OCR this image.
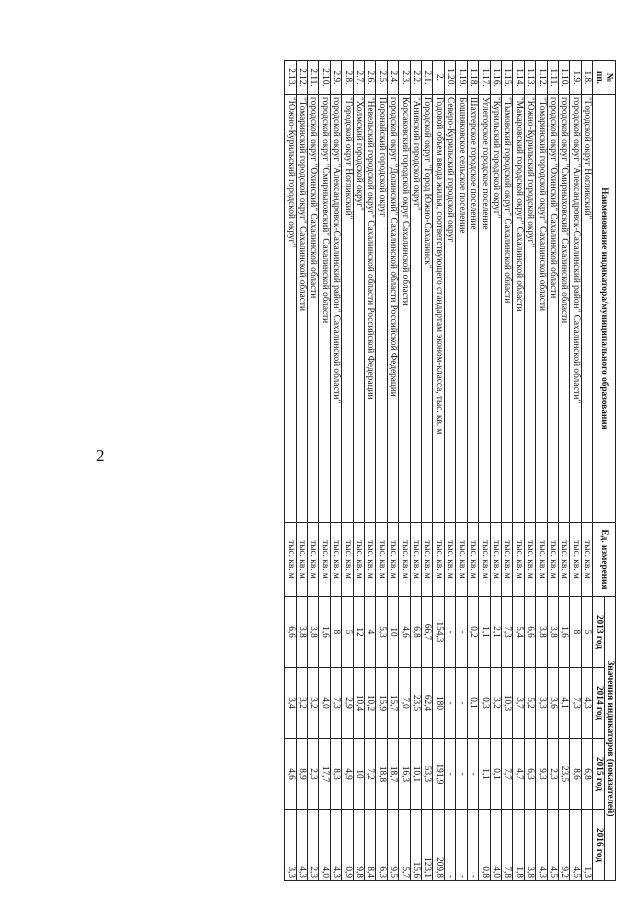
2
№
пп.	Наименование индикатора/муниципального образования	Ед. измерения	Значения индикаторов (показателей)			
			2013 год	2014 год	2015 год	2016 год
1.8.	"Городской округ Ногликский"	тыс. кв. м	5	4,3	6,8	1,3
1.9.	городской округ "Александровск-Сахалинский район" Сахалинской области"	тыс. кв. м	8	7,3	8,6	4,5
1.10.	городской округ "Смирныховский" Сахалинской области	тыс. кв. м	1,6	4,1	23,5	9,2
1.11.	городской округ "Охинский" Сахалинской области	тыс. кв. м	3,8	3,6	2,3	4,5
1.12.	"Томаринский городской округ" Сахалинской области	тыс. кв. м	3,8	3,3	9,3	4,3
1.13.	"Южно-Курильский городской округ"	тыс. кв. м	6,6	5,2	6,3	3,8
1.14.	"Макаровский городской округ" Сахалинской области	тыс. кв. м	5,4	3,7	4,7	1,8
1.15.	"Тымовский городской округ" Сахалинской области	тыс. кв. м	7,3	10,3	7,7	7,8
1.16.	"Курильский городской округ"	тыс. кв. м	2,1	3,2	0,1	4,0
1.17.	Углегорское городское поселение	тыс. кв. м	1,1	0,3	1,1	0,8
1.18.	Шахтерское городское поселение	тыс. кв. м	0,2	0,1	-	-
1.19.	Бошняковское сельское поселение	тыс. кв. м	-	-	-	-
1.20.	Северо-Курильский городской округ	тыс. кв. м	-	-	-	-
2.	Годовой объем ввода жилья, соответствующего стандартам эконом-класса, тыс. кв. м	тыс. кв. м	154,3	180	191,9	209,8
2.1.	Городской округ "Город Южно-Сахалинск"	тыс. кв. м	66,7	62,4	53,3	123,1
2.2.	"Анивский городской округ"	тыс. кв. м	6,8	23,5	10,1	15,6
2.3.	Корсаковский городской округ Сахалинской области	тыс. кв. м	4,6	7,0	16,3	5,7
2.4.	городской округ "Долинский" Сахалинской области Российской Федерации	тыс. кв. м	10	15,7	18,7	9,5
2.5.	Поронайский городской округ	тыс. кв. м	5,3	15,9	18,8	6,3
2.6.	"Невельский городской округ" Сахалинской области Российской Федерации	тыс. кв. м	4	10,2	7,2	8,4
2.7.	"Холмский городской округ"	тыс. кв. м	12	10,4	10	9,8
2.8.	"Городской округ Ногликский"	тыс. кв. м	5	2,9	4,9	0,9
2.9.	городской округ "Александровск-Сахалинский район" Сахалинской области"	тыс. кв. м	8	7,3	8,3	4,3
2.10.	городской округ "Смирныховский" Сахалинской области	тыс. кв. м	1,6	4,0	17,7	4,0
2.11.	городской округ "Охинский" Сахалинской области	тыс. кв. м	3,8	3,2	2,3	2,3
2.12.	"Томаринский городской округ" Сахалинской области	тыс. кв. м	3,8	3,2	8,9	4,3
2.13.	"Южно-Курильский городской округ"	тыс. кв. м	6,6	3,4	4,6	3,3
